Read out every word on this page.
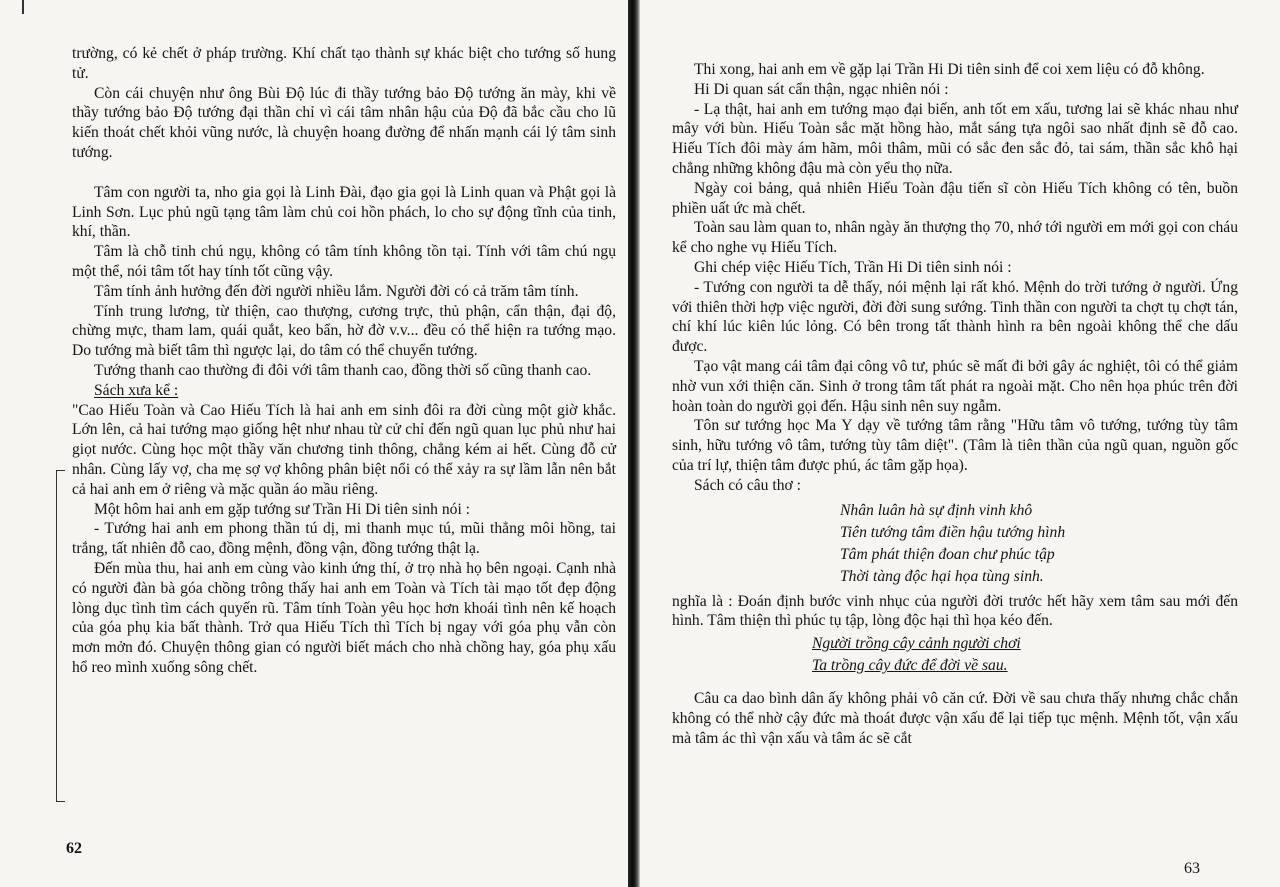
trường, có kẻ chết ở pháp trường. Khí chất tạo thành sự khác biệt cho tướng số hung tử.

Còn cái chuyện như ông Bùi Độ lúc đi thầy tướng bảo Độ tướng ăn mày, khi về thầy tướng bảo Độ tướng đại thần chỉ vì cái tâm nhân hậu của Độ đã bắc cầu cho lũ kiến thoát chết khỏi vũng nước, là chuyện hoang đường để nhấn mạnh cái lý tâm sinh tướng.

Tâm con người ta, nho gia gọi là Linh Đài, đạo gia gọi là Linh quan và Phật gọi là Linh Sơn. Lục phủ ngũ tạng tâm làm chủ coi hồn phách, lo cho sự động tĩnh của tinh, khí, thần.

Tâm là chỗ tinh chú ngụ, không có tâm tính không tồn tại. Tính với tâm chú ngụ một thể, nói tâm tốt hay tính tốt cũng vậy.

Tâm tính ảnh hưởng đến đời người nhiều lắm. Người đời có cả trăm tâm tính.

Tính trung lương, từ thiện, cao thượng, cương trực, thủ phận, cẩn thận, đại độ, chừng mực, tham lam, quái quắt, keo bẩn, hờ đờ v.v... đều có thể hiện ra tướng mạo. Do tướng mà biết tâm thì ngược lại, do tâm có thể chuyển tướng.

Tướng thanh cao thường đi đôi với tâm thanh cao, đồng thời số cũng thanh cao.

Sách xưa kể :

"Cao Hiếu Toàn và Cao Hiếu Tích là hai anh em sinh đôi ra đời cùng một giờ khắc. Lớn lên, cả hai tướng mạo giống hệt như nhau từ cử chỉ đến ngũ quan lục phủ như hai giọt nước. Cùng học một thầy văn chương tinh thông, chẳng kém ai hết. Cùng đỗ cử nhân. Cùng lấy vợ, cha mẹ sợ vợ không phân biệt nổi có thể xảy ra sự lầm lẫn nên bắt cả hai anh em ở riêng và mặc quần áo mầu riêng.

Một hôm hai anh em gặp tướng sư Trần Hi Di tiên sinh nói :

- Tướng hai anh em phong thần tú dị, mi thanh mục tú, mũi thẳng môi hồng, tai trắng, tất nhiên đỗ cao, đồng mệnh, đồng vận, đồng tướng thật lạ.

Đến mùa thu, hai anh em cùng vào kinh ứng thí, ở trọ nhà họ bên ngoại. Cạnh nhà có người đàn bà góa chồng trông thấy hai anh em Toàn và Tích tài mạo tốt đẹp động lòng dục tình tìm cách quyến rũ. Tâm tính Toàn yêu học hơn khoái tình nên kế hoạch của góa phụ kia bất thành. Trở qua Hiếu Tích thì Tích bị ngay với góa phụ vẫn còn mơn mởn đó. Chuyện thông gian có người biết mách cho nhà chồng hay, góa phụ xấu hổ reo mình xuống sông chết.

62

Thi xong, hai anh em về gặp lại Trần Hi Di tiên sinh để coi xem liệu có đỗ không.

Hi Di quan sát cẩn thận, ngạc nhiên nói :

- Lạ thật, hai anh em tướng mạo đại biến, anh tốt em xấu, tương lai sẽ khác nhau như mây với bùn. Hiếu Toàn sắc mặt hồng hào, mắt sáng tựa ngôi sao nhất định sẽ đỗ cao. Hiếu Tích đôi mày ám hãm, môi thâm, mũi có sắc đen sắc đỏ, tai sám, thần sắc khô hại chẳng những không đậu mà còn yểu thọ nữa.

Ngày coi bảng, quả nhiên Hiếu Toàn đậu tiến sĩ còn Hiếu Tích không có tên, buồn phiền uất ức mà chết.

Toàn sau làm quan to, nhân ngày ăn thượng thọ 70, nhớ tới người em mới gọi con cháu kể cho nghe vụ Hiếu Tích.

Ghi chép việc Hiếu Tích, Trần Hi Di tiên sinh nói :

- Tướng con người ta dễ thấy, nói mệnh lại rất khó. Mệnh do trời tướng ở người. Ứng với thiên thời hợp việc người, đời đời sung sướng. Tinh thần con người ta chợt tụ chợt tán, chí khí lúc kiên lúc lỏng. Có bên trong tất thành hình ra bên ngoài không thể che dấu được.

Tạo vật mang cái tâm đại công vô tư, phúc sẽ mất đi bởi gây ác nghiệt, tôi có thể giảm nhờ vun xới thiện căn. Sinh ở trong tâm tất phát ra ngoài mặt. Cho nên họa phúc trên đời hoàn toàn do người gọi đến. Hậu sinh nên suy ngẫm.

Tôn sư tướng học Ma Y dạy về tướng tâm rằng "Hữu tâm vô tướng, tướng tùy tâm sinh, hữu tướng vô tâm, tướng tùy tâm diệt". (Tâm là tiên thần của ngũ quan, nguồn gốc của trí lự, thiện tâm được phú, ác tâm gặp họa).

Sách có câu thơ :

Nhân luân hà sự định vinh khô
Tiên tướng tâm điền hậu tướng hình
Tâm phát thiện đoan chư phúc tập
Thời tàng độc hại họa tùng sinh.

nghĩa là : Đoán định bước vinh nhục của người đời trước hết hãy xem tâm sau mới đến hình. Tâm thiện thì phúc tụ tập, lòng độc hại thì họa kéo đến.

Người trồng cây cảnh người chơi
Ta trồng cây đức để đời về sau.

Câu ca dao bình dân ấy không phải vô căn cứ. Đời về sau chưa thấy nhưng chắc chắn không có thể nhờ cậy đức mà thoát được vận xấu để lại tiếp tục mệnh. Mệnh tốt, vận xấu mà tâm ác thì vận xấu và tâm ác sẽ cắt

63
